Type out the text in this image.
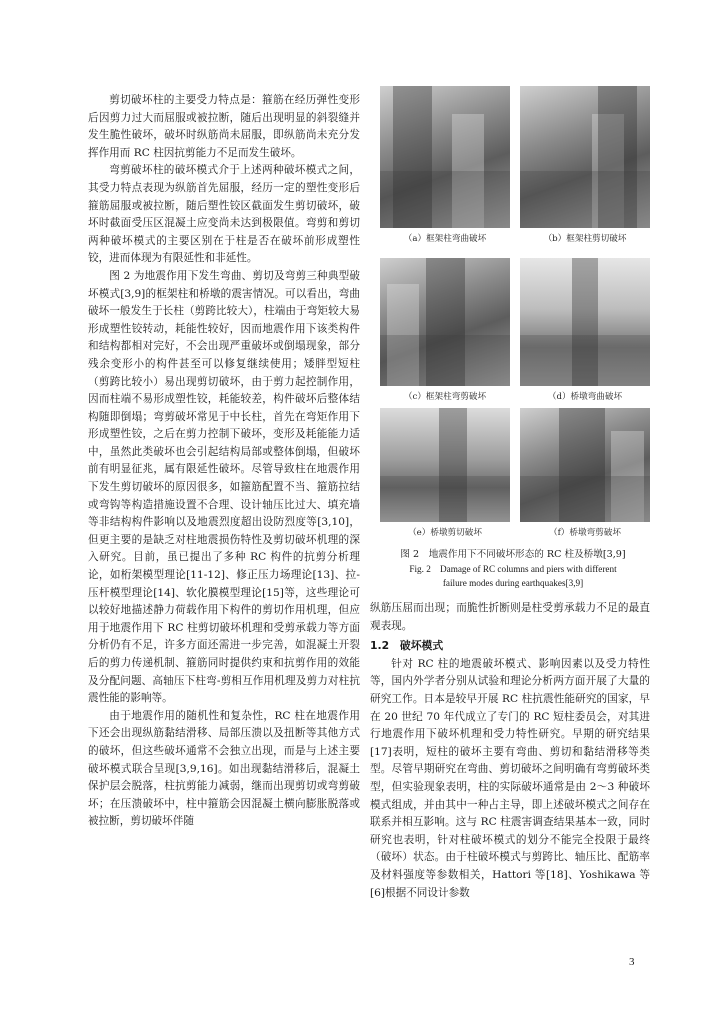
剪切破坏柱的主要受力特点是：箍筋在经历弹性变形后因剪力过大而屈服或被拉断，随后出现明显的斜裂缝并发生脆性破坏，破坏时纵筋尚未屈服，即纵筋尚未充分发挥作用而 RC 柱因抗剪能力不足而发生破坏。

弯剪破坏柱的破坏模式介于上述两种破坏模式之间，其受力特点表现为纵筋首先屈服，经历一定的塑性变形后箍筋屈服或被拉断，随后塑性铰区截面发生剪切破坏，破坏时截面受压区混凝土应变尚未达到极限值。弯剪和剪切两种破坏模式的主要区别在于柱是否在破坏前形成塑性铰，进而体现为有限延性和非延性。

图 2 为地震作用下发生弯曲、剪切及弯剪三种典型破坏模式[3,9]的框架柱和桥墩的震害情况。可以看出，弯曲破坏一般发生于长柱（剪跨比较大），柱端由于弯矩较大易形成塑性铰转动，耗能性较好，因而地震作用下该类构件和结构都相对完好，不会出现严重破坏或倒塌现象，部分残余变形小的构件甚至可以修复继续使用；矮胖型短柱（剪跨比较小）易出现剪切破坏，由于剪力起控制作用，因而柱端不易形成塑性铰，耗能较差，构件破坏后整体结构随即倒塌；弯剪破坏常见于中长柱，首先在弯矩作用下形成塑性铰，之后在剪力控制下破坏，变形及耗能能力适中，虽然此类破坏也会引起结构局部或整体倒塌，但破坏前有明显征兆，属有限延性破坏。尽管导致柱在地震作用下发生剪切破坏的原因很多，如箍筋配置不当、箍筋拉结或弯钩等构造措施设置不合理、设计轴压比过大、填充墙等非结构构件影响以及地震烈度超出设防烈度等[3,10]，但更主要的是缺乏对柱地震损伤特性及剪切破坏机理的深入研究。目前，虽已提出了多种 RC 构件的抗剪分析理论，如桁架模型理论[11-12]、修正压力场理论[13]、拉-压杆模型理论[14]、软化膜模型理论[15]等，这些理论可以较好地描述静力荷载作用下构件的剪切作用机理，但应用于地震作用下 RC 柱剪切破坏机理和受剪承载力等方面分析仍有不足，许多方面还需进一步完善，如混凝土开裂后的剪力传递机制、箍筋同时提供约束和抗剪作用的效能及分配问题、高轴压下柱弯-剪相互作用机理及剪力对柱抗震性能的影响等。

由于地震作用的随机性和复杂性，RC 柱在地震作用下还会出现纵筋黏结滑移、局部压溃以及扭断等其他方式的破坏，但这些破坏通常不会独立出现，而是与上述主要破坏模式联合呈现[3,9,16]。如出现黏结滑移后，混凝土保护层会脱落，柱抗剪能力减弱，继而出现剪切或弯剪破坏；在压溃破坏中，柱中箍筋会因混凝土横向膨胀脱落或被拉断，剪切破坏伴随

（a）框架柱弯曲破坏	（b）框架柱剪切破坏
（c）框架柱弯剪破坏	（d）桥墩弯曲破坏
（e）桥墩剪切破坏	（f）桥墩弯剪破坏
图 2　地震作用下不同破坏形态的 RC 柱及桥墩[3,9]
Fig. 2　Damage of RC columns and piers with different
failure modes during earthquakes[3,9]

纵筋压屈而出现；而脆性折断则是柱受剪承载力不足的最直观表现。

1.2　破坏模式

针对 RC 柱的地震破坏模式、影响因素以及受力特性等，国内外学者分别从试验和理论分析两方面开展了大量的研究工作。日本是较早开展 RC 柱抗震性能研究的国家，早在 20 世纪 70 年代成立了专门的 RC 短柱委员会，对其进行地震作用下破坏机理和受力特性研究。早期的研究结果[17]表明，短柱的破坏主要有弯曲、剪切和黏结滑移等类型。尽管早期研究在弯曲、剪切破坏之间明确有弯剪破坏类型，但实验现象表明，柱的实际破坏通常是由 2～3 种破坏模式组成，并由其中一种占主导，即上述破坏模式之间存在联系并相互影响。这与 RC 柱震害调查结果基本一致，同时研究也表明，针对柱破坏模式的划分不能完全投限于最终（破坏）状态。由于柱破坏模式与剪跨比、轴压比、配筋率及材料强度等参数相关，Hattori 等[18]、Yoshikawa 等[6]根据不同设计参数

3
